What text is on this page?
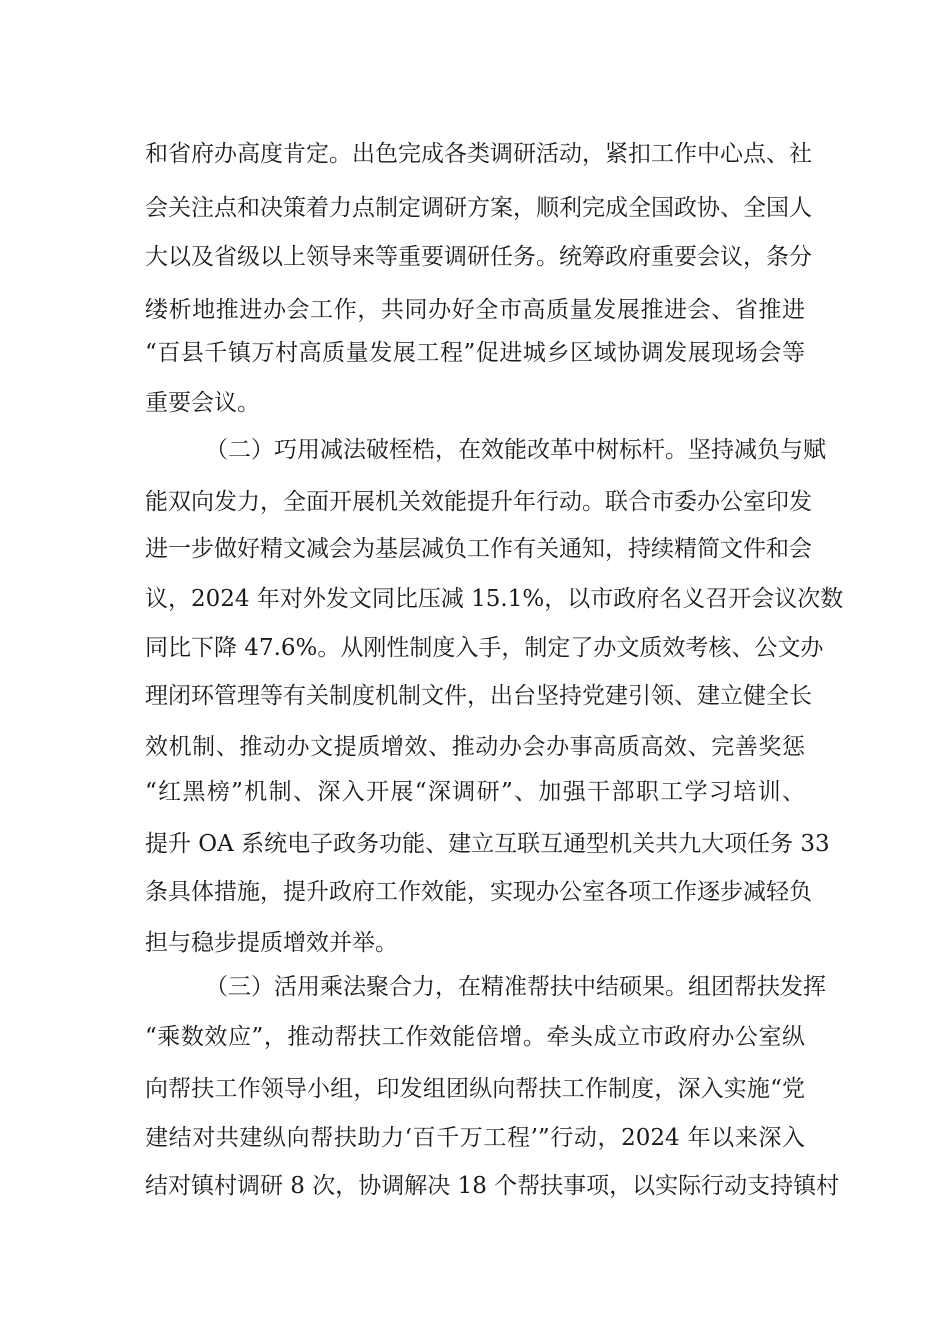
和省府办高度肯定。出色完成各类调研活动，紧扣工作中心点、社
会关注点和决策着力点制定调研方案，顺利完成全国政协、全国人
大以及省级以上领导来等重要调研任务。统筹政府重要会议，条分
缕析地推进办会工作，共同办好全市高质量发展推进会、省推进
“百县千镇万村高质量发展工程”促进城乡区域协调发展现场会等
重要会议。
（二）巧用减法破桎梏，在效能改革中树标杆。坚持减负与赋
能双向发力，全面开展机关效能提升年行动。联合市委办公室印发
进一步做好精文减会为基层减负工作有关通知，持续精简文件和会
议，2024 年对外发文同比压减 15.1%，以市政府名义召开会议次数
同比下降 47.6%。从刚性制度入手，制定了办文质效考核、公文办
理闭环管理等有关制度机制文件，出台坚持党建引领、建立健全长
效机制、推动办文提质增效、推动办会办事高质高效、完善奖惩
“红黑榜”机制、深入开展“深调研”、加强干部职工学习培训、
提升 OA 系统电子政务功能、建立互联互通型机关共九大项任务 33
条具体措施，提升政府工作效能，实现办公室各项工作逐步减轻负
担与稳步提质增效并举。
（三）活用乘法聚合力，在精准帮扶中结硕果。组团帮扶发挥
“乘数效应”，推动帮扶工作效能倍增。牵头成立市政府办公室纵
向帮扶工作领导小组，印发组团纵向帮扶工作制度，深入实施“党
建结对共建纵向帮扶助力‘百千万工程’”行动，2024 年以来深入
结对镇村调研 8 次，协调解决 18 个帮扶事项，以实际行动支持镇村
